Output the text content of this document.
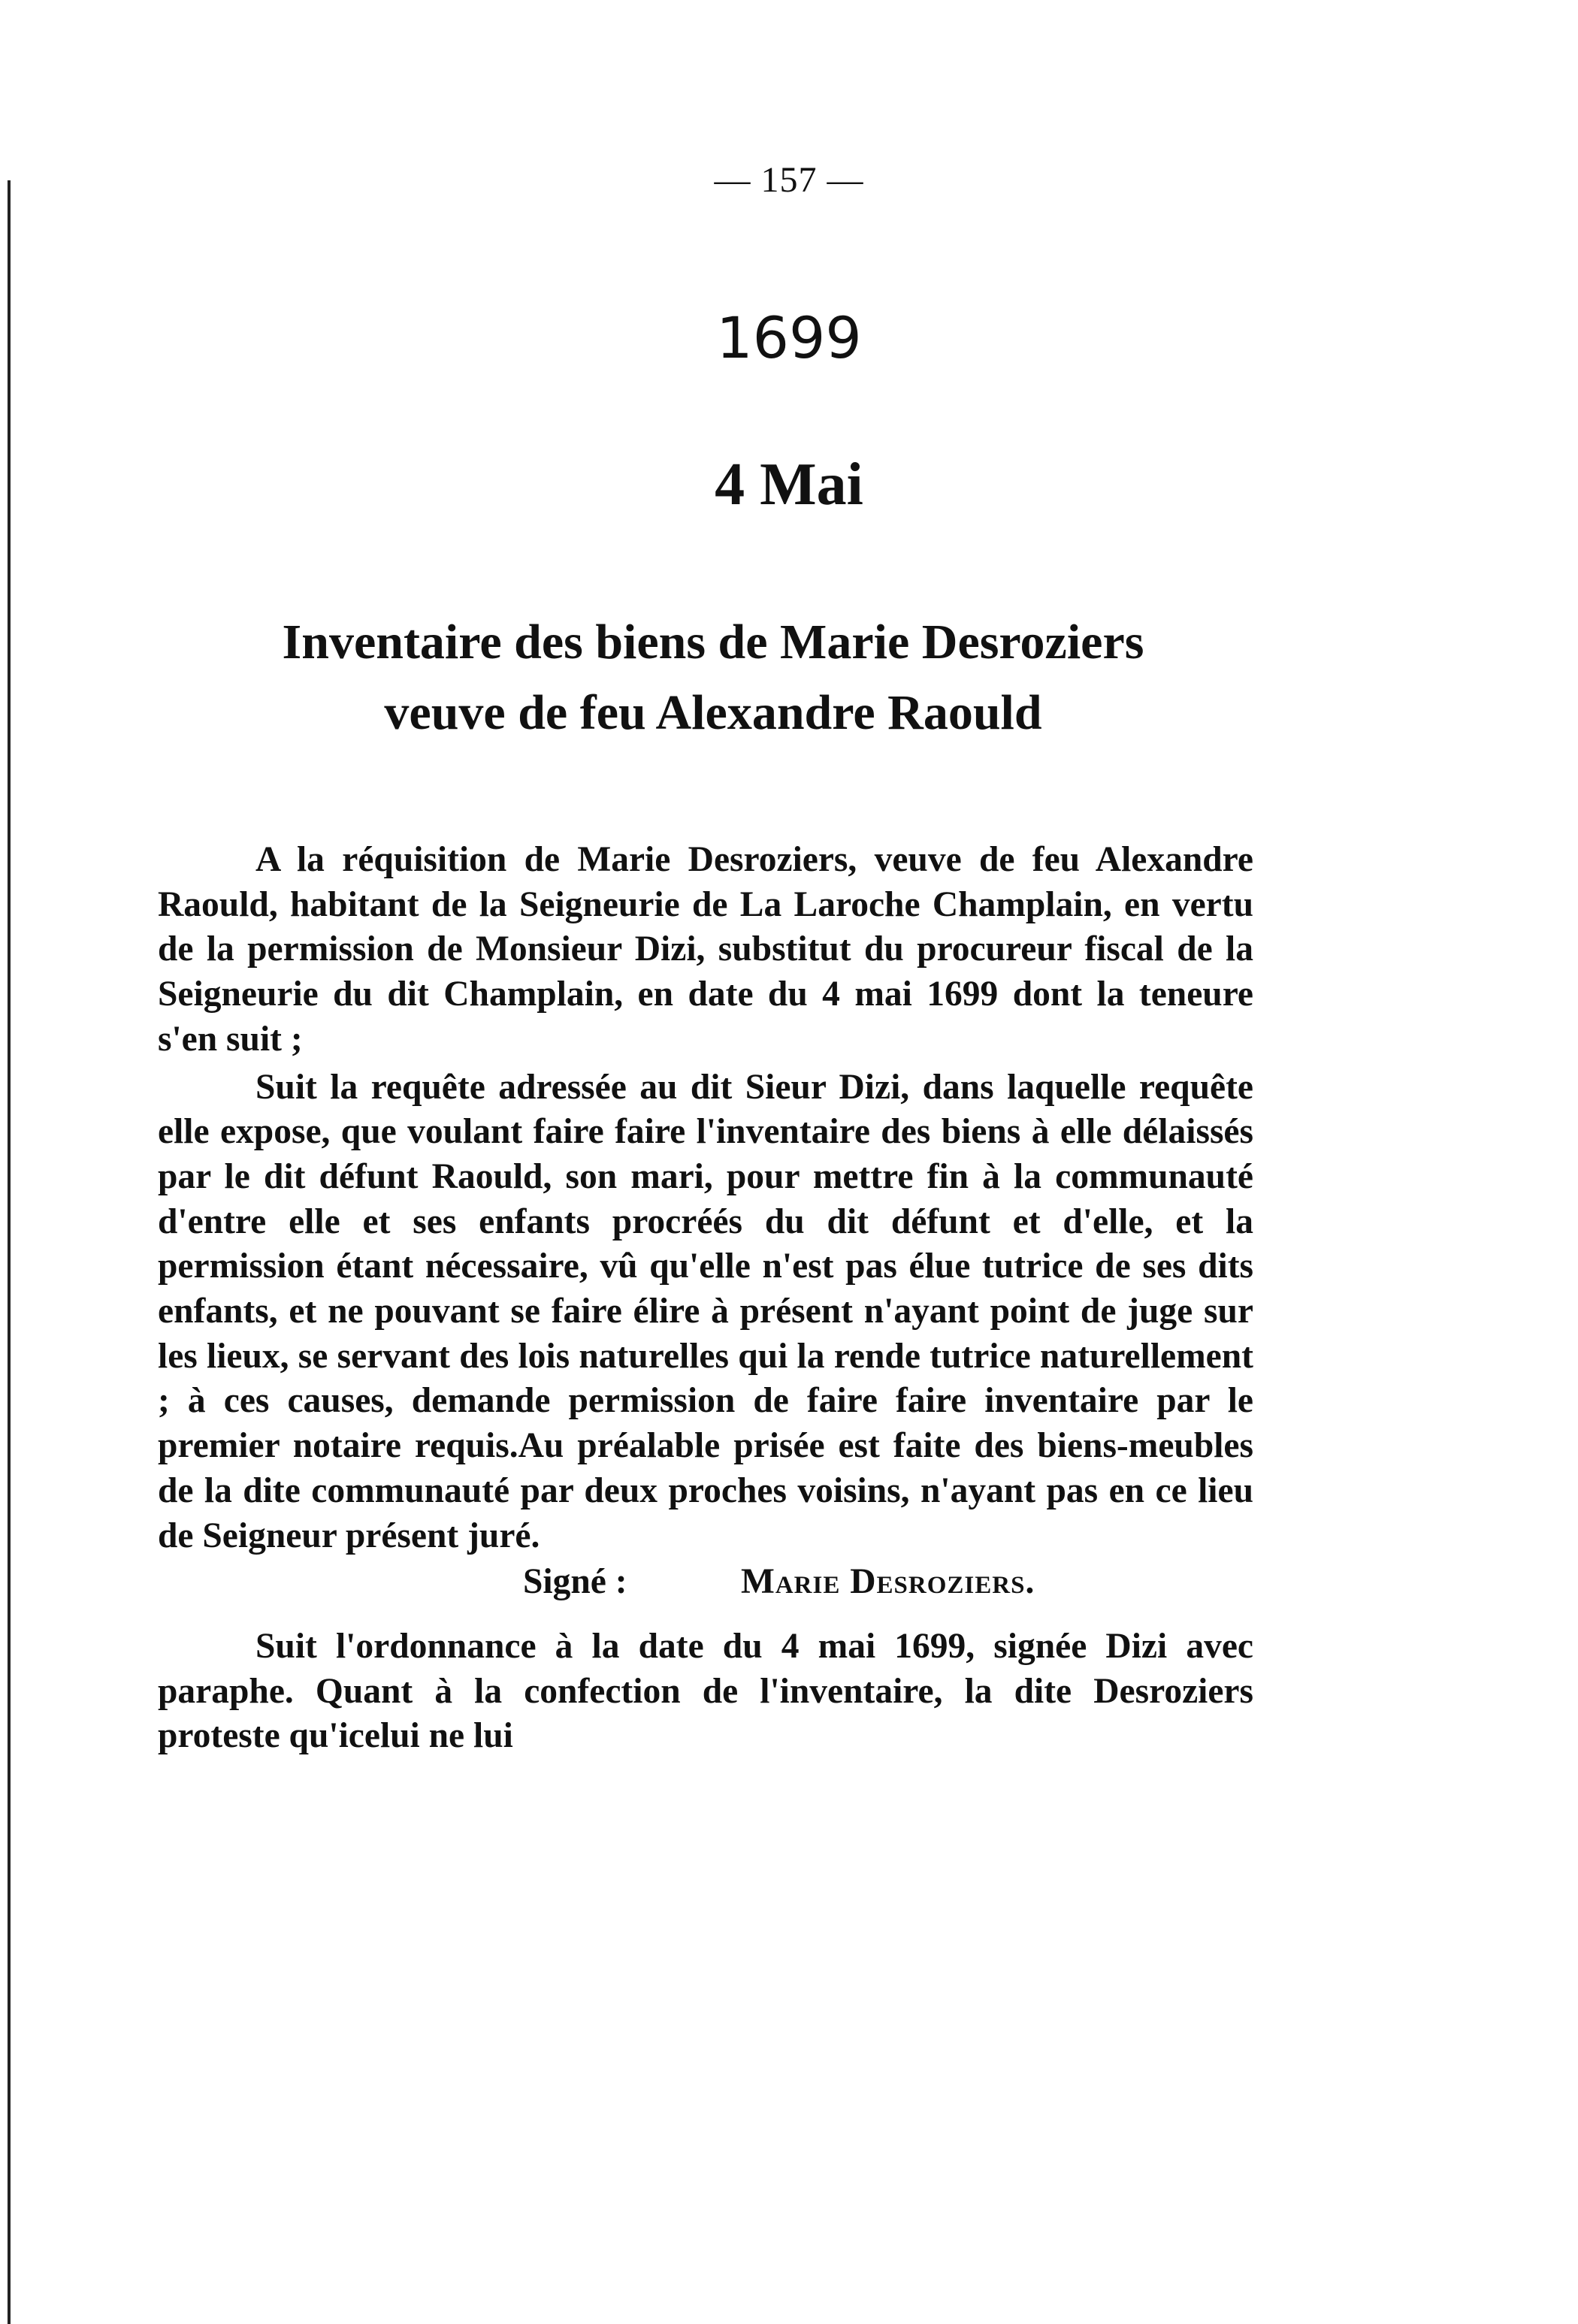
— 157 —
1699
4 Mai
Inventaire des biens de Marie Desroziers
veuve de feu Alexandre Raould

A la réquisition de Marie Desroziers, veuve de feu Alexandre Raould, habitant de la Seigneurie de La Laroche Champlain, en vertu de la permission de Monsieur Dizi, substitut du procureur fiscal de la Seigneurie du dit Champlain, en date du 4 mai 1699 dont la teneure s'en suit ;

Suit la requête adressée au dit Sieur Dizi, dans laquelle requête elle expose, que voulant faire faire l'inventaire des biens à elle délaissés par le dit défunt Raould, son mari, pour mettre fin à la communauté d'entre elle et ses enfants procréés du dit défunt et d'elle, et la permission étant nécessaire, vû qu'elle n'est pas élue tutrice de ses dits enfants, et ne pouvant se faire élire à présent n'ayant point de juge sur les lieux, se servant des lois naturelles qui la rende tutrice naturellement ; à ces causes, demande permission de faire faire inventaire par le premier notaire requis.Au préalable prisée est faite des biens-meubles de la dite communauté par deux proches voisins, n'ayant pas en ce lieu de Seigneur présent juré.

Signé :	Marie Desroziers.

Suit l'ordonnance à la date du 4 mai 1699, signée Dizi avec paraphe. Quant à la confection de l'inventaire, la dite Desroziers proteste qu'icelui ne lui
